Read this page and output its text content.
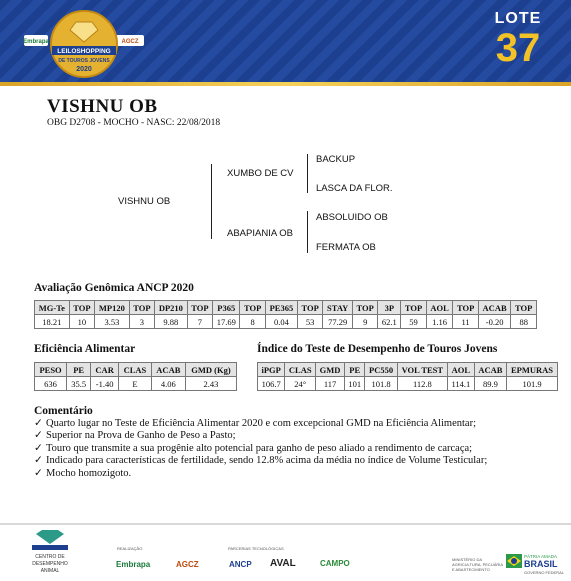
Embrapa	AGCZ
LEILOSHOPPING
DE TOUROS JOVENS
2020
LOTE
37
VISHNU OB
OBG D2708 - MOCHO - NASC: 22/08/2018
VISHNU OB
XUMBO DE CV
ABAPIANIA OB
BACKUP
LASCA DA FLOR.
ABSOLUIDO OB
FERMATA OB
Avaliação Genômica ANCP 2020
MG-Te	TOP	MP120	TOP	DP210	TOP	P365	TOP	PE365	TOP	STAY	TOP	3P	TOP	AOL	TOP	ACAB	TOP
18.21	10	3.53	3	9.88	7	17.69	8	0.04	53	77.29	9	62.1	59	1.16	11	-0.20	88
Eficiência Alimentar
PESO	PE	CAR	CLAS	ACAB	GMD (Kg)
636	35.5	-1.40	E	4.06	2.43
Índice do Teste de Desempenho de Touros Jovens
iPGP	CLAS	GMD	PE	PC550	VOL TEST	AOL	ACAB	EPMURAS
106.7	24°	117	101	101.8	112.8	114.1	89.9	101.9
Comentário
✓ Quarto lugar no Teste de Eficiência Alimentar 2020 e com excepcional GMD na Eficiência Alimentar;
✓ Superior na Prova de Ganho de Peso a Pasto;
✓ Touro que transmite a sua progênie alto potencial para ganho de peso aliado a rendimento de carcaça;
✓ Indicado para características de fertilidade, sendo 12.8% acima da média no índice de Volume Testicular;
✓ Mocho homozigoto.
CENTRO DE
DESEMPENHO
ANIMAL
REALIZAÇÃO
Embrapa	AGCZ
PARCERIAS TECNOLÓGICAS
ANCP AVAL	CAMPO	MINISTÉRIO DA AGRICULTURA, PECUÁRIA E ABASTECIMENTO
PÁTRIA AMADA
BRASIL
GOVERNO FEDERAL
